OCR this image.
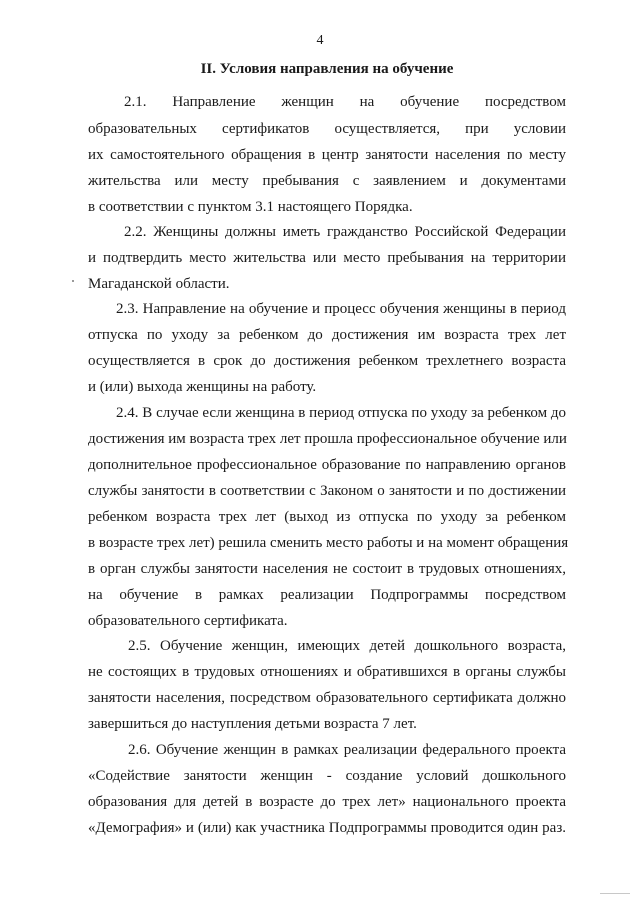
4
II. Условия направления на обучение
2.1. Направление женщин на обучение посредством
образовательных сертификатов осуществляется, при условии
их самостоятельного обращения в центр занятости населения по месту
жительства или месту пребывания с заявлением и документами
в соответствии с пунктом 3.1 настоящего Порядка.
2.2. Женщины должны иметь гражданство Российской Федерации
и подтвердить место жительства или место пребывания на территории
Магаданской области.
2.3. Направление на обучение и процесс обучения женщины в период
отпуска по уходу за ребенком до достижения им возраста трех лет
осуществляется в срок до достижения ребенком трехлетнего возраста
и (или) выхода женщины на работу.
2.4. В случае если женщина в период отпуска по уходу за ребенком до
достижения им возраста трех лет прошла профессиональное обучение или
дополнительное профессиональное образование по направлению органов
службы занятости в соответствии с Законом о занятости и по достижении
ребенком возраста трех лет (выход из отпуска по уходу за ребенком
в возрасте трех лет) решила сменить место работы и на момент обращения
в орган службы занятости населения не состоит в трудовых отношениях,
на обучение в рамках реализации Подпрограммы посредством
образовательного сертификата.
2.5. Обучение женщин, имеющих детей дошкольного возраста,
не состоящих в трудовых отношениях и обратившихся в органы службы
занятости населения, посредством образовательного сертификата должно
завершиться до наступления детьми возраста 7 лет.
2.6. Обучение женщин в рамках реализации федерального проекта
«Содействие занятости женщин - создание условий дошкольного
образования для детей в возрасте до трех лет» национального проекта
«Демография» и (или) как участника Подпрограммы проводится один раз.
